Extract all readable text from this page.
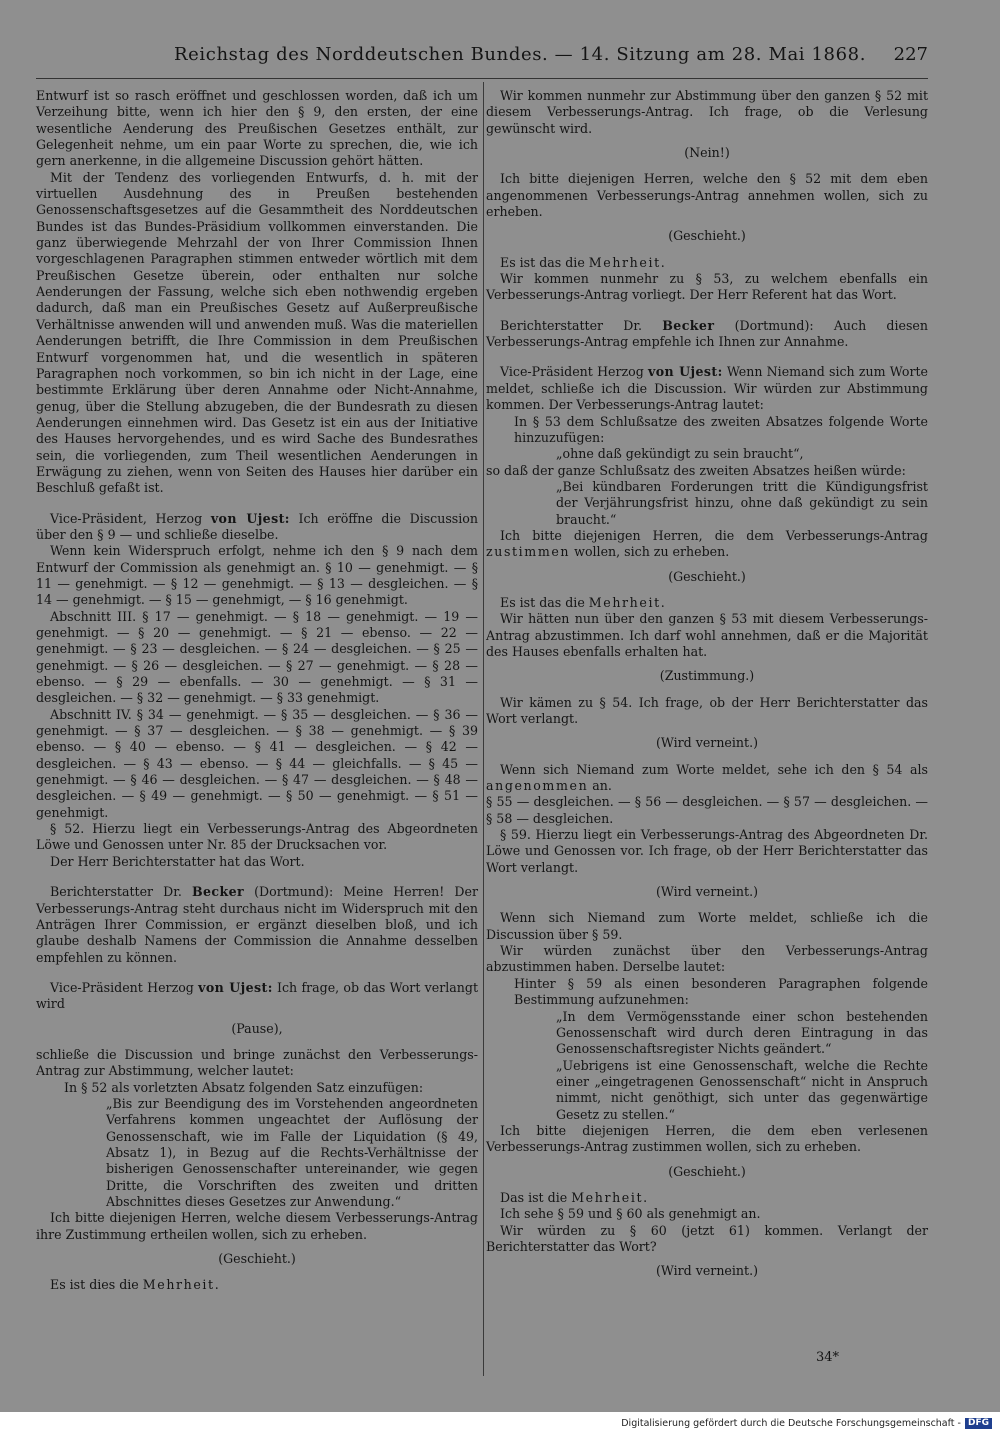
Reichstag des Norddeutschen Bundes. — 14. Sitzung am 28. Mai 1868. 227

Entwurf ist so rasch eröffnet und geschlossen worden, daß ich um Verzeihung bitte, wenn ich hier den § 9, den ersten, der eine wesentliche Aenderung des Preußischen Gesetzes enthält, zur Gelegenheit nehme, um ein paar Worte zu sprechen, die, wie ich gern anerkenne, in die allgemeine Discussion gehört hätten.

Mit der Tendenz des vorliegenden Entwurfs, d. h. mit der virtuellen Ausdehnung des in Preußen bestehenden Genossenschaftsgesetzes auf die Gesammtheit des Norddeutschen Bundes ist das Bundes-Präsidium vollkommen einverstanden. Die ganz überwiegende Mehrzahl der von Ihrer Commission Ihnen vorgeschlagenen Paragraphen stimmen entweder wörtlich mit dem Preußischen Gesetze überein, oder enthalten nur solche Aenderungen der Fassung, welche sich eben nothwendig ergeben dadurch, daß man ein Preußisches Gesetz auf Außerpreußische Verhältnisse anwenden will und anwenden muß. Was die materiellen Aenderungen betrifft, die Ihre Commission in dem Preußischen Entwurf vorgenommen hat, und die wesentlich in späteren Paragraphen noch vorkommen, so bin ich nicht in der Lage, eine bestimmte Erklärung über deren Annahme oder Nicht-Annahme, genug, über die Stellung abzugeben, die der Bundesrath zu diesen Aenderungen einnehmen wird. Das Gesetz ist ein aus der Initiative des Hauses hervorgehendes, und es wird Sache des Bundesrathes sein, die vorliegenden, zum Theil wesentlichen Aenderungen in Erwägung zu ziehen, wenn von Seiten des Hauses hier darüber ein Beschluß gefaßt ist.

Vice-Präsident, Herzog von Ujest: Ich eröffne die Discussion über den § 9 — und schließe dieselbe.

Wenn kein Widerspruch erfolgt, nehme ich den § 9 nach dem Entwurf der Commission als genehmigt an. § 10 — genehmigt. — § 11 — genehmigt. — § 12 — genehmigt. — § 13 — desgleichen. — § 14 — genehmigt. — § 15 — genehmigt, — § 16 genehmigt.

Abschnitt III. § 17 — genehmigt. — § 18 — genehmigt. — 19 — genehmigt. — § 20 — genehmigt. — § 21 — ebenso. — 22 — genehmigt. — § 23 — desgleichen. — § 24 — desgleichen. — § 25 — genehmigt. — § 26 — desgleichen. — § 27 — genehmigt. — § 28 — ebenso. — § 29 — ebenfalls. — 30 — genehmigt. — § 31 — desgleichen. — § 32 — genehmigt. — § 33 genehmigt.

Abschnitt IV. § 34 — genehmigt. — § 35 — desgleichen. — § 36 — genehmigt. — § 37 — desgleichen. — § 38 — genehmigt. — § 39 ebenso. — § 40 — ebenso. — § 41 — desgleichen. — § 42 — desgleichen. — § 43 — ebenso. — § 44 — gleichfalls. — § 45 — genehmigt. — § 46 — desgleichen. — § 47 — desgleichen. — § 48 — desgleichen. — § 49 — genehmigt. — § 50 — genehmigt. — § 51 — genehmigt.

§ 52. Hierzu liegt ein Verbesserungs-Antrag des Abgeordneten Löwe und Genossen unter Nr. 85 der Drucksachen vor.

Der Herr Berichterstatter hat das Wort.

Berichterstatter Dr. Becker (Dortmund): Meine Herren! Der Verbesserungs-Antrag steht durchaus nicht im Widerspruch mit den Anträgen Ihrer Commission, er ergänzt dieselben bloß, und ich glaube deshalb Namens der Commission die Annahme desselben empfehlen zu können.

Vice-Präsident Herzog von Ujest: Ich frage, ob das Wort verlangt wird

(Pause),

schließe die Discussion und bringe zunächst den Verbesserungs-Antrag zur Abstimmung, welcher lautet:

In § 52 als vorletzten Absatz folgenden Satz einzufügen:

„Bis zur Beendigung des im Vorstehenden angeordneten Verfahrens kommen ungeachtet der Auflösung der Genossenschaft, wie im Falle der Liquidation (§ 49, Absatz 1), in Bezug auf die Rechts-Verhältnisse der bisherigen Genossenschafter untereinander, wie gegen Dritte, die Vorschriften des zweiten und dritten Abschnittes dieses Gesetzes zur Anwendung.“

Ich bitte diejenigen Herren, welche diesem Verbesserungs-Antrag ihre Zustimmung ertheilen wollen, sich zu erheben.

(Geschieht.)

Es ist dies die Mehrheit.

Wir kommen nunmehr zur Abstimmung über den ganzen § 52 mit diesem Verbesserungs-Antrag. Ich frage, ob die Verlesung gewünscht wird.

(Nein!)

Ich bitte diejenigen Herren, welche den § 52 mit dem eben angenommenen Verbesserungs-Antrag annehmen wollen, sich zu erheben.

(Geschieht.)

Es ist das die Mehrheit.

Wir kommen nunmehr zu § 53, zu welchem ebenfalls ein Verbesserungs-Antrag vorliegt. Der Herr Referent hat das Wort.

Berichterstatter Dr. Becker (Dortmund): Auch diesen Verbesserungs-Antrag empfehle ich Ihnen zur Annahme.

Vice-Präsident Herzog von Ujest: Wenn Niemand sich zum Worte meldet, schließe ich die Discussion. Wir würden zur Abstimmung kommen. Der Verbesserungs-Antrag lautet:

In § 53 dem Schlußsatze des zweiten Absatzes folgende Worte hinzuzufügen:

„ohne daß gekündigt zu sein braucht“,

so daß der ganze Schlußsatz des zweiten Absatzes heißen würde:

„Bei kündbaren Forderungen tritt die Kündigungsfrist der Verjährungsfrist hinzu, ohne daß gekündigt zu sein braucht.“

Ich bitte diejenigen Herren, die dem Verbesserungs-Antrag zustimmen wollen, sich zu erheben.

(Geschieht.)

Es ist das die Mehrheit.

Wir hätten nun über den ganzen § 53 mit diesem Verbesserungs-Antrag abzustimmen. Ich darf wohl annehmen, daß er die Majorität des Hauses ebenfalls erhalten hat.

(Zustimmung.)

Wir kämen zu § 54. Ich frage, ob der Herr Berichterstatter das Wort verlangt.

(Wird verneint.)

Wenn sich Niemand zum Worte meldet, sehe ich den § 54 als angenommen an.

§ 55 — desgleichen. — § 56 — desgleichen. — § 57 — desgleichen. — § 58 — desgleichen.

§ 59. Hierzu liegt ein Verbesserungs-Antrag des Abgeordneten Dr. Löwe und Genossen vor. Ich frage, ob der Herr Berichterstatter das Wort verlangt.

(Wird verneint.)

Wenn sich Niemand zum Worte meldet, schließe ich die Discussion über § 59.

Wir würden zunächst über den Verbesserungs-Antrag abzustimmen haben. Derselbe lautet:

Hinter § 59 als einen besonderen Paragraphen folgende Bestimmung aufzunehmen:

„In dem Vermögensstande einer schon bestehenden Genossenschaft wird durch deren Eintragung in das Genossenschaftsregister Nichts geändert.“

„Uebrigens ist eine Genossenschaft, welche die Rechte einer „eingetragenen Genossenschaft“ nicht in Anspruch nimmt, nicht genöthigt, sich unter das gegenwärtige Gesetz zu stellen.“

Ich bitte diejenigen Herren, die dem eben verlesenen Verbesserungs-Antrag zustimmen wollen, sich zu erheben.

(Geschieht.)

Das ist die Mehrheit.

Ich sehe § 59 und § 60 als genehmigt an.

Wir würden zu § 60 (jetzt 61) kommen. Verlangt der Berichterstatter das Wort?

(Wird verneint.)

34*
Digitalisierung gefördert durch die Deutsche Forschungsgemeinschaft - DFG
